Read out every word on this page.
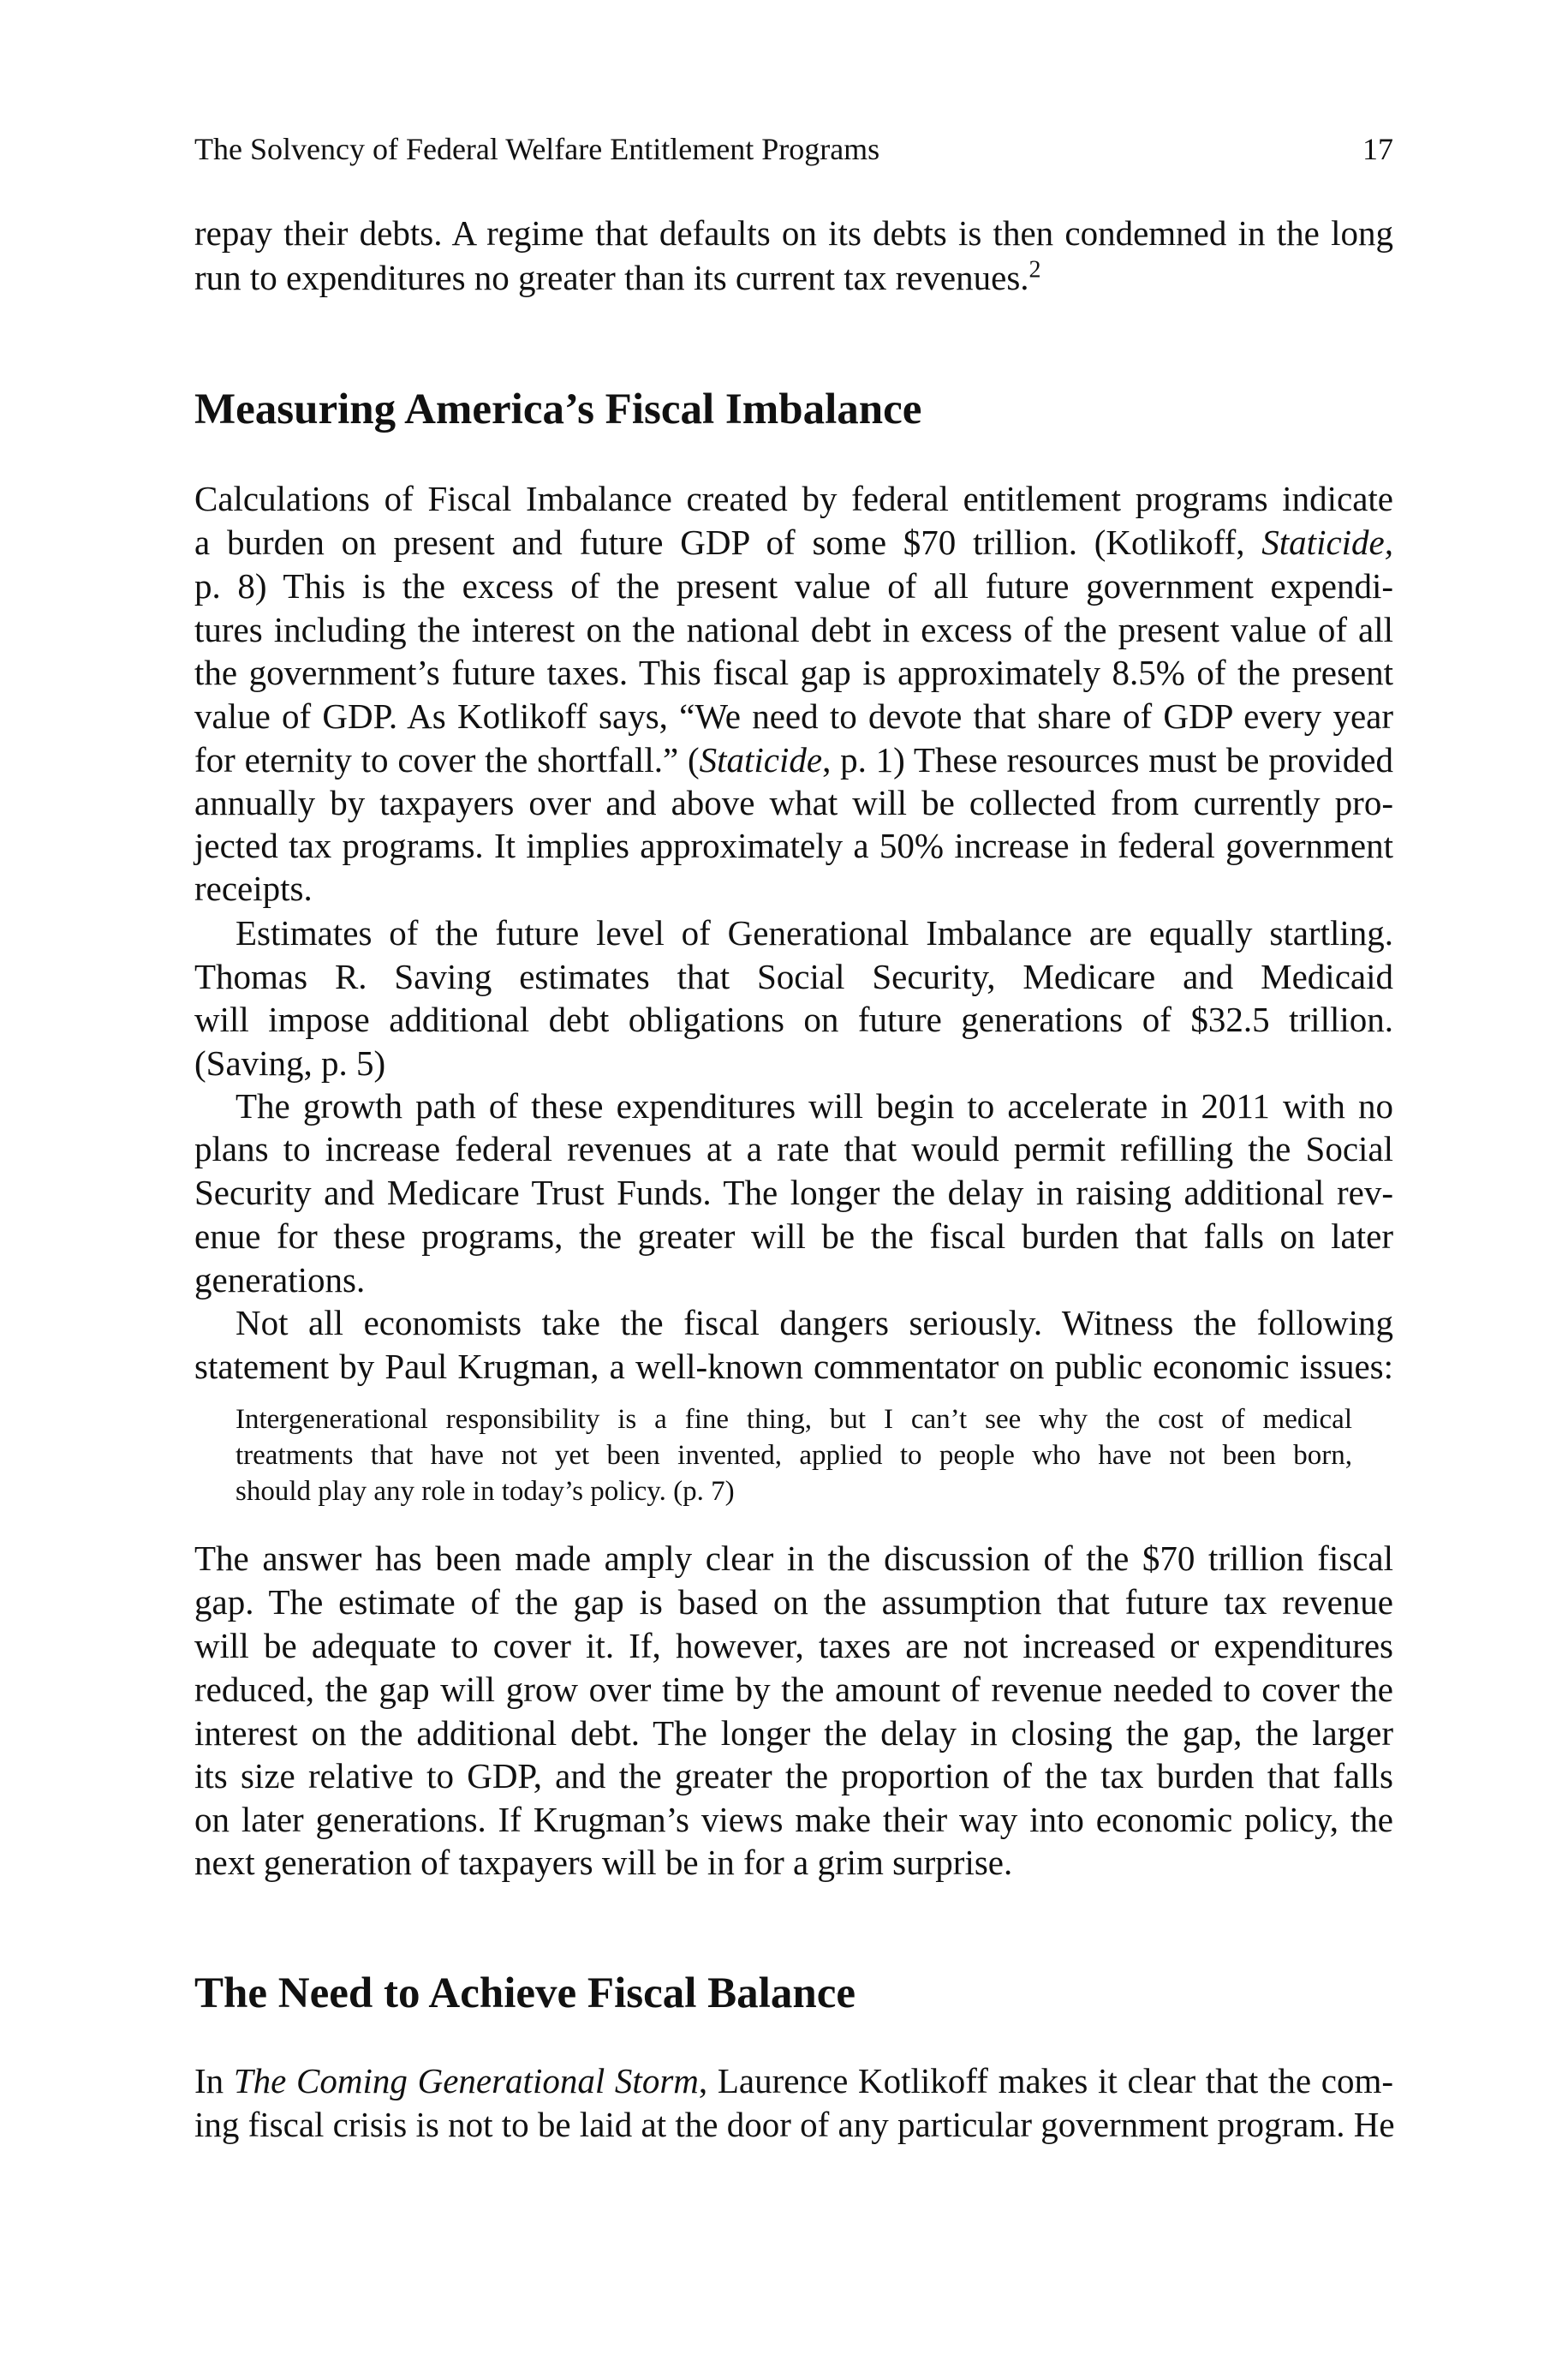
The Solvency of Federal Welfare Entitlement Programs	17
repay their debts. A regime that defaults on its debts is then condemned in the long
run to expenditures no greater than its current tax revenues.$^2$
Measuring America’s Fiscal Imbalance
Calculations of Fiscal Imbalance created by federal entitlement programs indicate
a burden on present and future GDP of some $70 trillion. (Kotlikoff, Staticide,
p. 8) This is the excess of the present value of all future government expendi-
tures including the interest on the national debt in excess of the present value of all
the government’s future taxes. This fiscal gap is approximately 8.5% of the present
value of GDP. As Kotlikoff says, “We need to devote that share of GDP every year
for eternity to cover the shortfall.” (Staticide, p. 1) These resources must be provided
annually by taxpayers over and above what will be collected from currently pro-
jected tax programs. It implies approximately a 50% increase in federal government
receipts.
Estimates of the future level of Generational Imbalance are equally startling.
Thomas R. Saving estimates that Social Security, Medicare and Medicaid
will impose additional debt obligations on future generations of $32.5 trillion.
(Saving, p. 5)
The growth path of these expenditures will begin to accelerate in 2011 with no
plans to increase federal revenues at a rate that would permit refilling the Social
Security and Medicare Trust Funds. The longer the delay in raising additional rev-
enue for these programs, the greater will be the fiscal burden that falls on later
generations.
Not all economists take the fiscal dangers seriously. Witness the following
statement by Paul Krugman, a well-known commentator on public economic issues:
Intergenerational responsibility is a fine thing, but I can’t see why the cost of medical
treatments that have not yet been invented, applied to people who have not been born,
should play any role in today’s policy. (p. 7)
The answer has been made amply clear in the discussion of the $70 trillion fiscal
gap. The estimate of the gap is based on the assumption that future tax revenue
will be adequate to cover it. If, however, taxes are not increased or expenditures
reduced, the gap will grow over time by the amount of revenue needed to cover the
interest on the additional debt. The longer the delay in closing the gap, the larger
its size relative to GDP, and the greater the proportion of the tax burden that falls
on later generations. If Krugman’s views make their way into economic policy, the
next generation of taxpayers will be in for a grim surprise.
The Need to Achieve Fiscal Balance
In The Coming Generational Storm, Laurence Kotlikoff makes it clear that the com-
ing fiscal crisis is not to be laid at the door of any particular government program. He
